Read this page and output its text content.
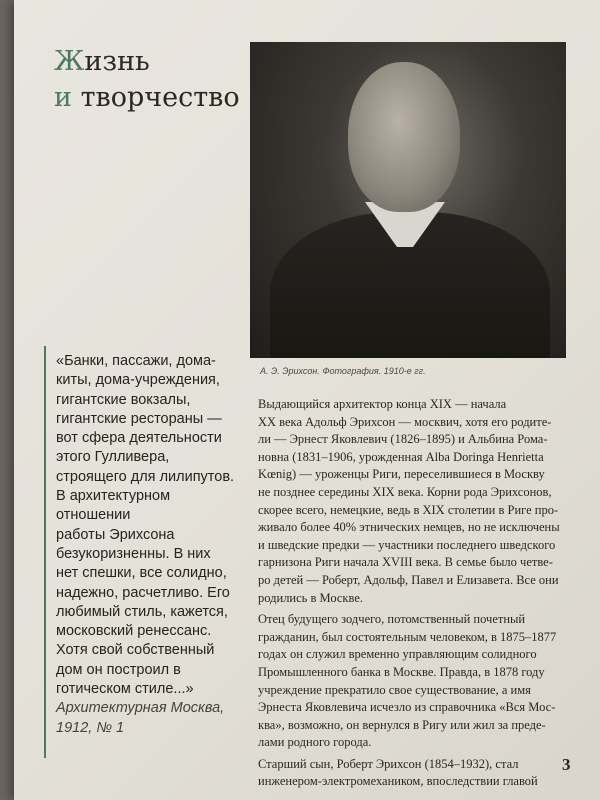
Жизнь
и творчество
А. Э. Эрихсон. Фотография. 1910-е гг.
«Банки, пассажи, дома-
киты, дома-учреждения,
гигантские вокзалы,
гигантские рестораны —
вот сфера деятельности
этого Гулливера,
строящего для лилипутов.
В архитектурном
отношении
работы Эрихсона
безукоризненны. В них
нет спешки, все солидно,
надежно, расчетливо. Его
любимый стиль, кажется,
московский ренессанс.
Хотя свой собственный
дом он построил в
готическом стиле...»
Архитектурная Москва,
1912, № 1
Выдающийся архитектор конца XIX — начала
XX века Адольф Эрихсон — москвич, хотя его родите-
ли — Эрнест Яковлевич (1826–1895) и Альбина Рома-
новна (1831–1906, урожденная Alba Doringa Henrietta
Kœnig) — уроженцы Риги, переселившиеся в Москву
не позднее середины XIX века. Корни рода Эрихсонов,
скорее всего, немецкие, ведь в XIX столетии в Риге про-
живало более 40% этнических немцев, но не исключены
и шведские предки — участники последнего шведского
гарнизона Риги начала XVIII века. В семье было четве-
ро детей — Роберт, Адольф, Павел и Елизавета. Все они
родились в Москве.
Отец будущего зодчего, потомственный почетный
гражданин, был состоятельным человеком, в 1875–1877
годах он служил временно управляющим солидного
Промышленного банка в Москве. Правда, в 1878 году
учреждение прекратило свое существование, а имя
Эрнеста Яковлевича исчезло из справочника «Вся Мос-
ква», возможно, он вернулся в Ригу или жил за преде-
лами родного города.
Старший сын, Роберт Эрихсон (1854–1932), стал
инженером-электромехаником, впоследствии главой
3
